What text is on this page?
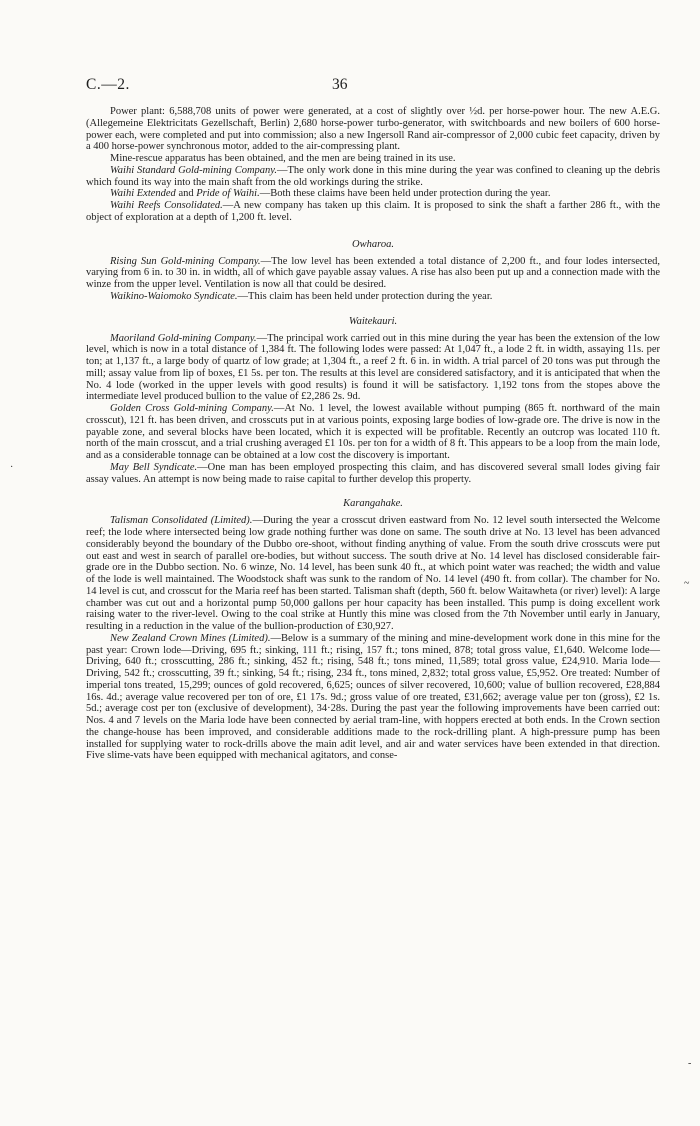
C.—2.	36

Power plant: 6,588,708 units of power were generated, at a cost of slightly over ½d. per horse-power hour. The new A.E.G. (Allegemeine Elektricitats Gezellschaft, Berlin) 2,680 horse-power turbo-generator, with switchboards and new boilers of 600 horse-power each, were completed and put into commission; also a new Ingersoll Rand air-compressor of 2,000 cubic feet capacity, driven by a 400 horse-power synchronous motor, added to the air-compressing plant.

Mine-rescue apparatus has been obtained, and the men are being trained in its use.

Waihi Standard Gold-mining Company.—The only work done in this mine during the year was confined to cleaning up the debris which found its way into the main shaft from the old workings during the strike.

Waihi Extended and Pride of Waihi.—Both these claims have been held under protection during the year.

Waihi Reefs Consolidated.—A new company has taken up this claim. It is proposed to sink the shaft a farther 286 ft., with the object of exploration at a depth of 1,200 ft. level.

Owharoa.

Rising Sun Gold-mining Company.—The low level has been extended a total distance of 2,200 ft., and four lodes intersected, varying from 6 in. to 30 in. in width, all of which gave payable assay values. A rise has also been put up and a connection made with the winze from the upper level. Ventilation is now all that could be desired.

Waikino-Waiomoko Syndicate.—This claim has been held under protection during the year.

Waitekauri.

Maoriland Gold-mining Company.—The principal work carried out in this mine during the year has been the extension of the low level, which is now in a total distance of 1,384 ft. The following lodes were passed: At 1,047 ft., a lode 2 ft. in width, assaying 11s. per ton; at 1,137 ft., a large body of quartz of low grade; at 1,304 ft., a reef 2 ft. 6 in. in width. A trial parcel of 20 tons was put through the mill; assay value from lip of boxes, £1 5s. per ton. The results at this level are considered satisfactory, and it is anticipated that when the No. 4 lode (worked in the upper levels with good results) is found it will be satisfactory. 1,192 tons from the stopes above the intermediate level produced bullion to the value of £2,286 2s. 9d.

Golden Cross Gold-mining Company.—At No. 1 level, the lowest available without pumping (865 ft. northward of the main crosscut), 121 ft. has been driven, and crosscuts put in at various points, exposing large bodies of low-grade ore. The drive is now in the payable zone, and several blocks have been located, which it is expected will be profitable. Recently an outcrop was located 110 ft. north of the main crosscut, and a trial crushing averaged £1 10s. per ton for a width of 8 ft. This appears to be a loop from the main lode, and as a considerable tonnage can be obtained at a low cost the discovery is important.

May Bell Syndicate.—One man has been employed prospecting this claim, and has discovered several small lodes giving fair assay values. An attempt is now being made to raise capital to further develop this property.

Karangahake.

Talisman Consolidated (Limited).—During the year a crosscut driven eastward from No. 12 level south intersected the Welcome reef; the lode where intersected being low grade nothing further was done on same. The south drive at No. 13 level has been advanced considerably beyond the boundary of the Dubbo ore-shoot, without finding anything of value. From the south drive crosscuts were put out east and west in search of parallel ore-bodies, but without success. The south drive at No. 14 level has disclosed considerable fair-grade ore in the Dubbo section. No. 6 winze, No. 14 level, has been sunk 40 ft., at which point water was reached; the width and value of the lode is well maintained. The Woodstock shaft was sunk to the random of No. 14 level (490 ft. from collar). The chamber for No. 14 level is cut, and crosscut for the Maria reef has been started. Talisman shaft (depth, 560 ft. below Waitawheta (or river) level): A large chamber was cut out and a horizontal pump 50,000 gallons per hour capacity has been installed. This pump is doing excellent work raising water to the river-level. Owing to the coal strike at Huntly this mine was closed from the 7th November until early in January, resulting in a reduction in the value of the bullion-production of £30,927.

New Zealand Crown Mines (Limited).—Below is a summary of the mining and mine-development work done in this mine for the past year: Crown lode—Driving, 695 ft.; sinking, 111 ft.; rising, 157 ft.; tons mined, 878; total gross value, £1,640. Welcome lode—Driving, 640 ft.; crosscutting, 286 ft.; sinking, 452 ft.; rising, 548 ft.; tons mined, 11,589; total gross value, £24,910. Maria lode—Driving, 542 ft.; crosscutting, 39 ft.; sinking, 54 ft.; rising, 234 ft., tons mined, 2,832; total gross value, £5,952. Ore treated: Number of imperial tons treated, 15,299; ounces of gold recovered, 6,625; ounces of silver recovered, 10,600; value of bullion recovered, £28,884 16s. 4d.; average value recovered per ton of ore, £1 17s. 9d.; gross value of ore treated, £31,662; average value per ton (gross), £2 1s. 5d.; average cost per ton (exclusive of development), 34·28s. During the past year the following improvements have been carried out: Nos. 4 and 7 levels on the Maria lode have been connected by aerial tram-line, with hoppers erected at both ends. In the Crown section the change-house has been improved, and considerable additions made to the rock-drilling plant. A high-pressure pump has been installed for supplying water to rock-drills above the main adit level, and air and water services have been extended in that direction. Five slime-vats have been equipped with mechanical agitators, and conse-

·
~
-
